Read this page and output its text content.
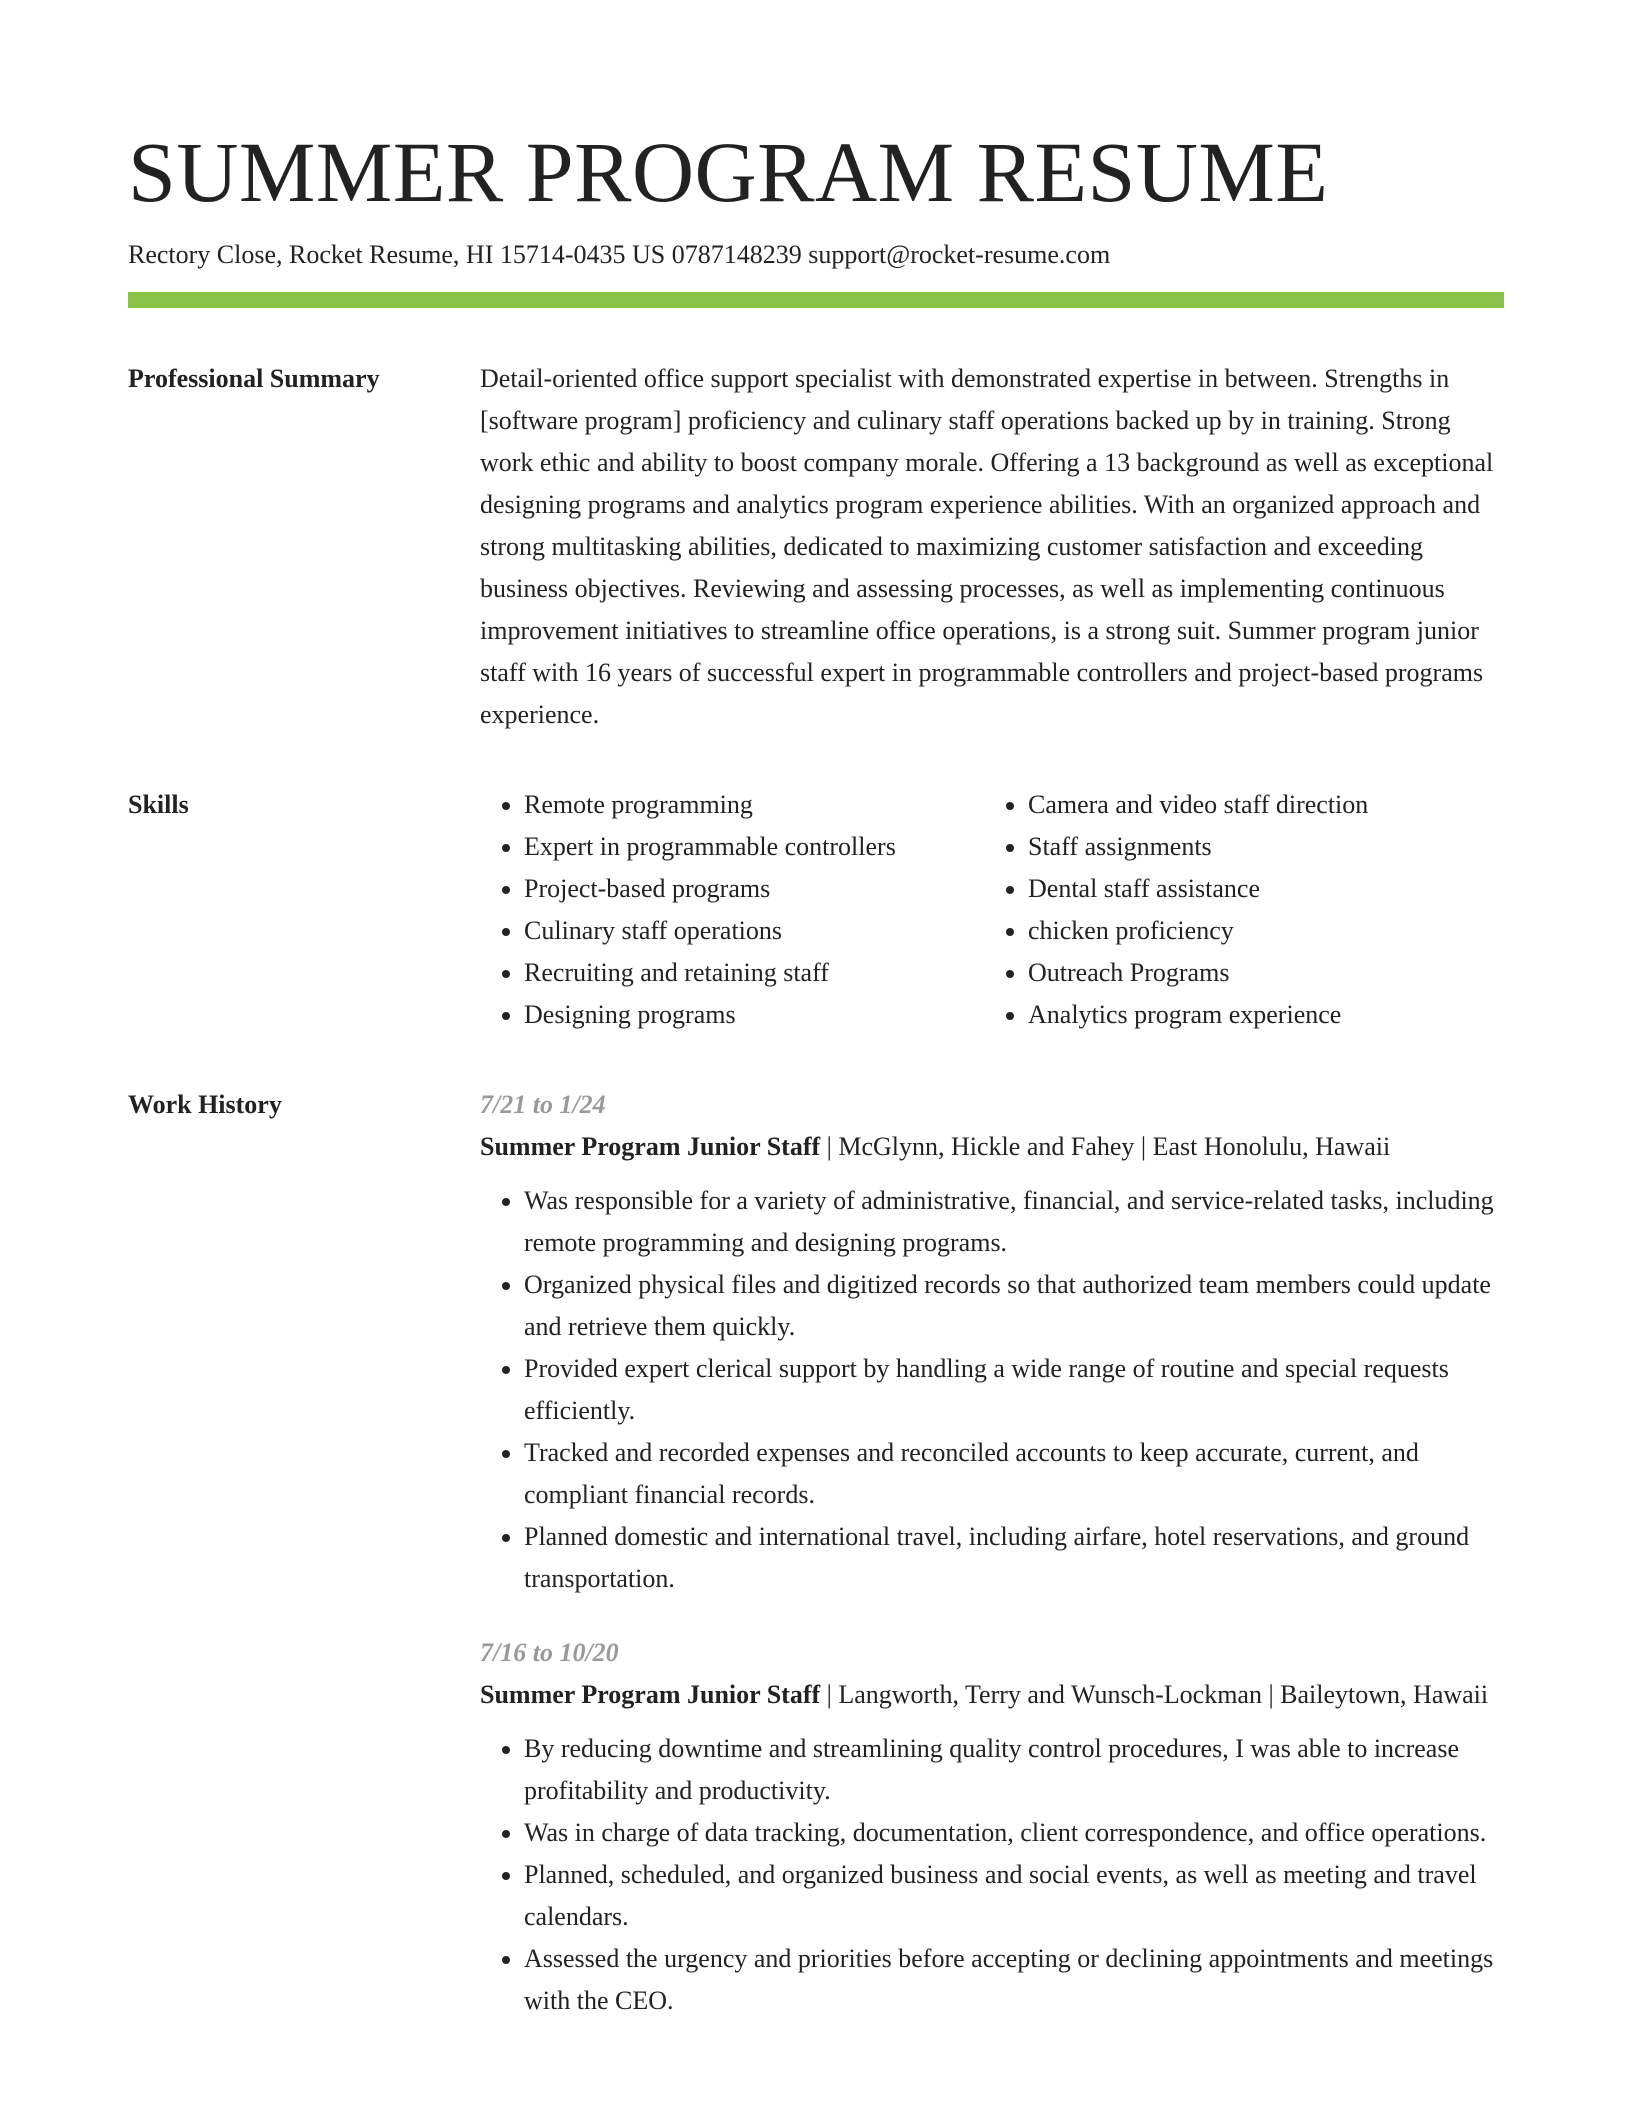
SUMMER PROGRAM RESUME
Rectory Close, Rocket Resume, HI 15714-0435 US 0787148239 support@rocket-resume.com
Professional Summary	Detail-oriented office support specialist with demonstrated expertise in between. Strengths in [software program] proficiency and culinary staff operations backed up by in training. Strong work ethic and ability to boost company morale. Offering a 13 background as well as exceptional designing programs and analytics program experience abilities. With an organized approach and strong multitasking abilities, dedicated to maximizing customer satisfaction and exceeding business objectives. Reviewing and assessing processes, as well as implementing continuous improvement initiatives to streamline office operations, is a strong suit. Summer program junior staff with 16 years of successful expert in programmable controllers and project-based programs experience.

Skills
•	Remote programming
• Expert in programmable controllers
• Project-based programs
• Culinary staff operations
• Recruiting and retaining staff
• Designing programs
• Camera and video staff direction
• Staff assignments
• Dental staff assistance
• chicken proficiency
• Outreach Programs
• Analytics program experience
Work History	7/21 to 1/24
Summer Program Junior Staff | McGlynn, Hickle and Fahey | East Honolulu, Hawaii
• Was responsible for a variety of administrative, financial, and service-related tasks, including remote programming and designing programs.
• Organized physical files and digitized records so that authorized team members could update and retrieve them quickly.
• Provided expert clerical support by handling a wide range of routine and special requests efficiently.
• Tracked and recorded expenses and reconciled accounts to keep accurate, current, and compliant financial records.
• Planned domestic and international travel, including airfare, hotel reservations, and ground transportation.
7/16 to 10/20
Summer Program Junior Staff | Langworth, Terry and Wunsch-Lockman | Baileytown, Hawaii
• By reducing downtime and streamlining quality control procedures, I was able to increase profitability and productivity.
• Was in charge of data tracking, documentation, client correspondence, and office operations.
• Planned, scheduled, and organized business and social events, as well as meeting and travel calendars.
• Assessed the urgency and priorities before accepting or declining appointments and meetings with the CEO.
